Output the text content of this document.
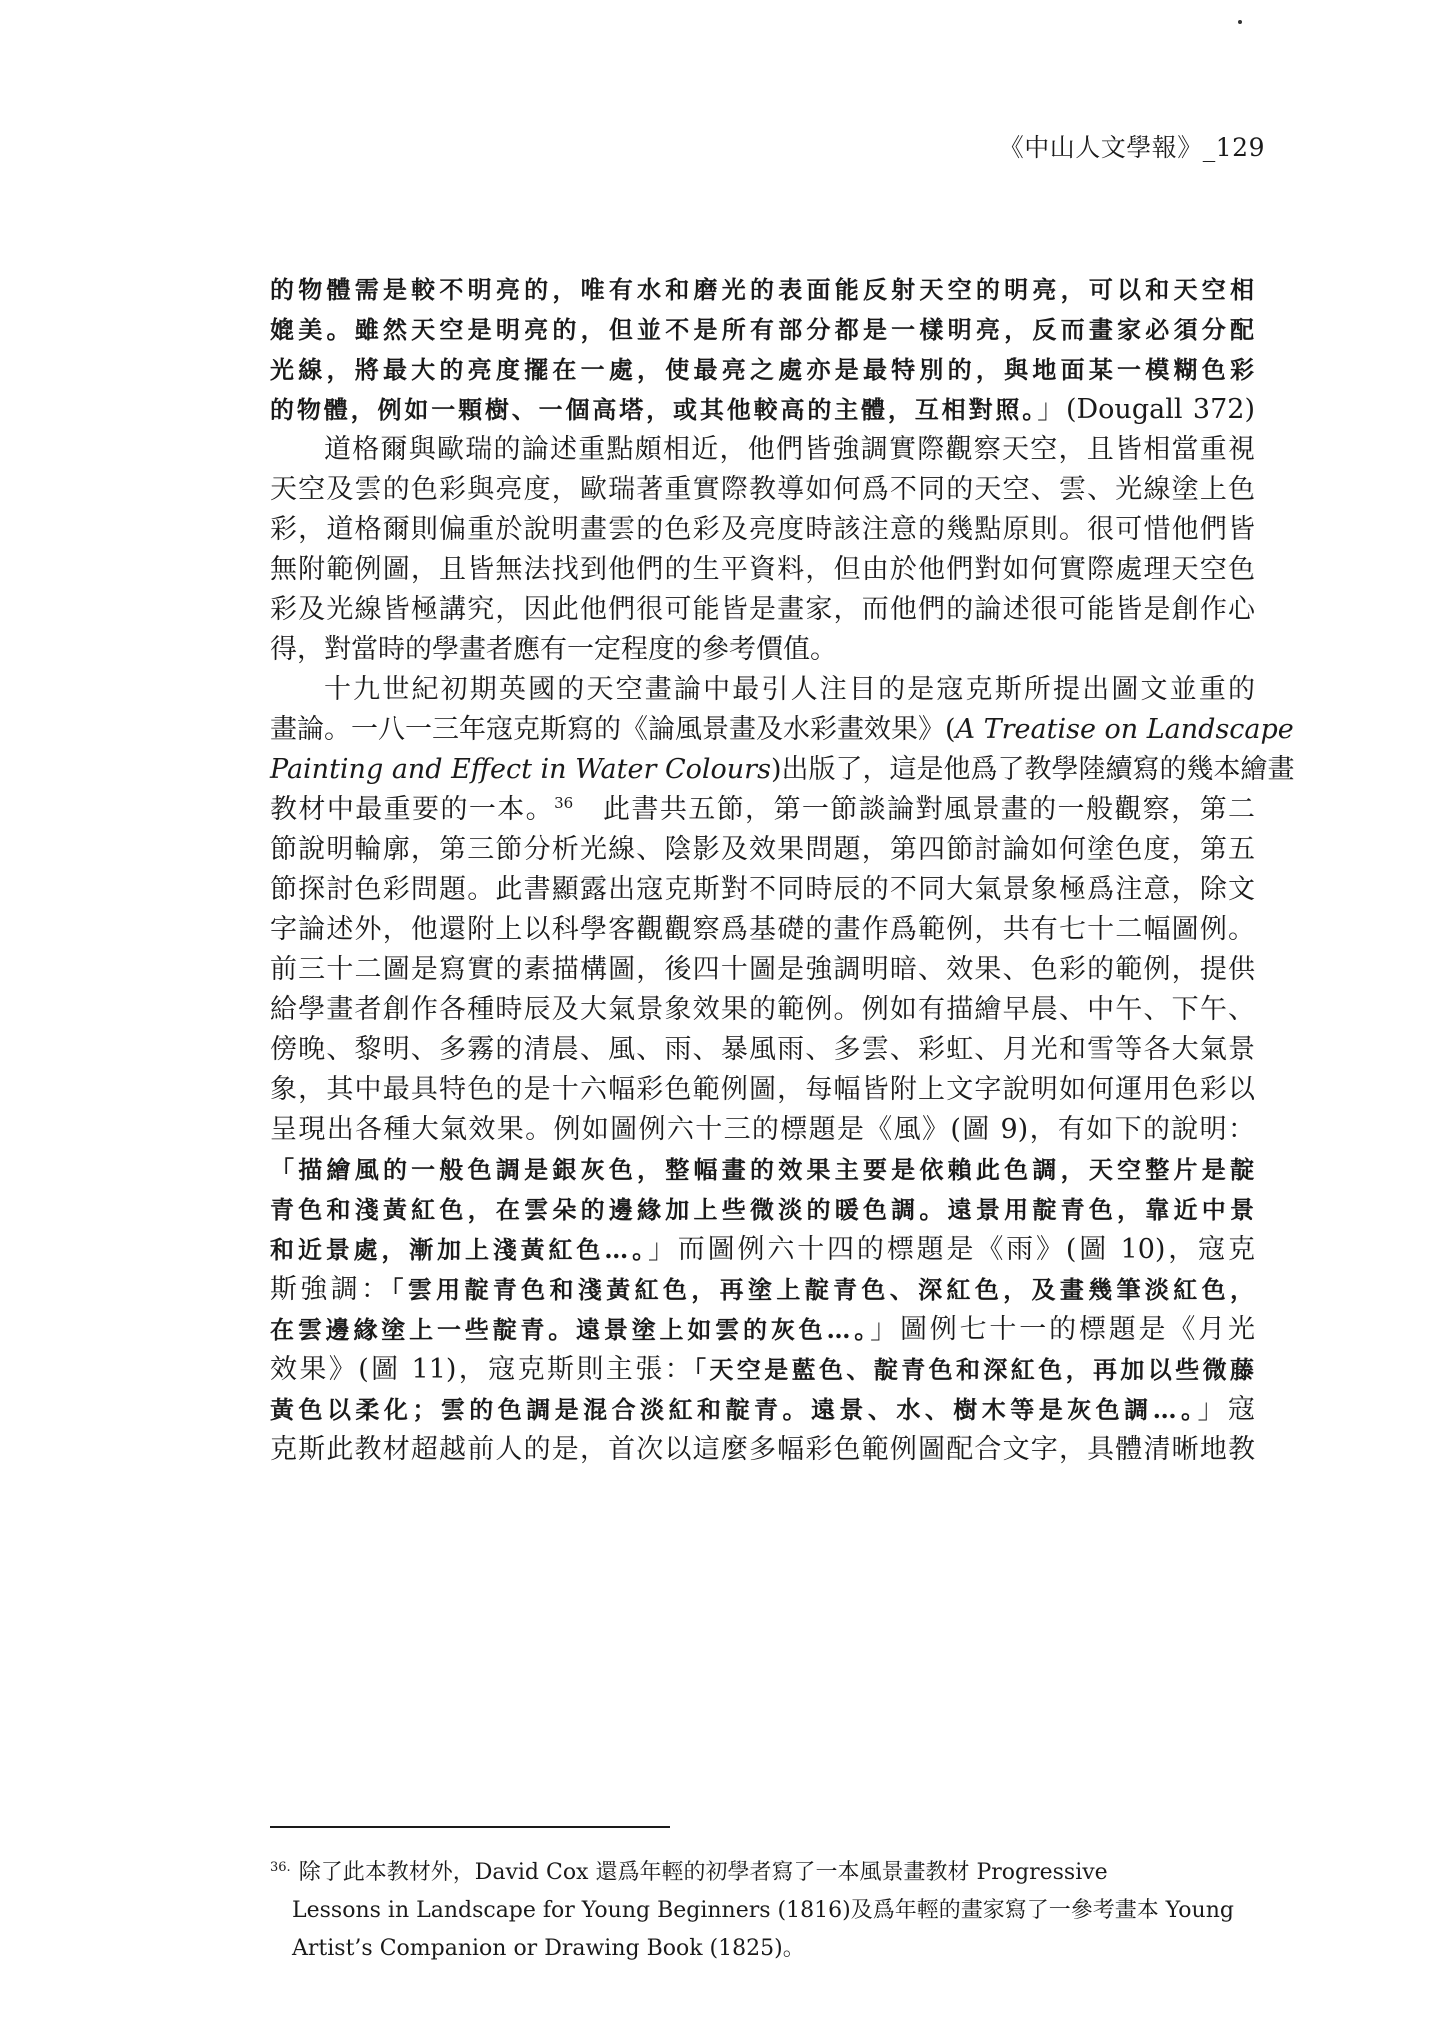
《中山人文學報》_129
的物體需是較不明亮的，唯有水和磨光的表面能反射天空的明亮，可以和天空相
媲美。雖然天空是明亮的，但並不是所有部分都是一樣明亮，反而畫家必須分配
光線，將最大的亮度擺在一處，使最亮之處亦是最特別的，與地面某一模糊色彩
的物體，例如一顆樹、一個高塔，或其他較高的主體，互相對照。」(Dougall 372)
道格爾與歐瑞的論述重點頗相近，他們皆強調實際觀察天空，且皆相當重視
天空及雲的色彩與亮度，歐瑞著重實際教導如何爲不同的天空、雲、光線塗上色
彩，道格爾則偏重於說明畫雲的色彩及亮度時該注意的幾點原則。很可惜他們皆
無附範例圖，且皆無法找到他們的生平資料，但由於他們對如何實際處理天空色
彩及光線皆極講究，因此他們很可能皆是畫家，而他們的論述很可能皆是創作心
得，對當時的學畫者應有一定程度的參考價值。
十九世紀初期英國的天空畫論中最引人注目的是寇克斯所提出圖文並重的
畫論。一八一三年寇克斯寫的《論風景畫及水彩畫效果》(A Treatise on Landscape
Painting and Effect in Water Colours)出版了，這是他爲了教學陸續寫的幾本繪畫
教材中最重要的一本。$^{36}$　此書共五節，第一節談論對風景畫的一般觀察，第二
節說明輪廓，第三節分析光線、陰影及效果問題，第四節討論如何塗色度，第五
節探討色彩問題。此書顯露出寇克斯對不同時辰的不同大氣景象極爲注意，除文
字論述外，他還附上以科學客觀觀察爲基礎的畫作爲範例，共有七十二幅圖例。
前三十二圖是寫實的素描構圖，後四十圖是強調明暗、效果、色彩的範例，提供
給學畫者創作各種時辰及大氣景象效果的範例。例如有描繪早晨、中午、下午、
傍晚、黎明、多霧的清晨、風、雨、暴風雨、多雲、彩虹、月光和雪等各大氣景
象，其中最具特色的是十六幅彩色範例圖，每幅皆附上文字說明如何運用色彩以
呈現出各種大氣效果。例如圖例六十三的標題是《風》(圖 9)，有如下的說明：
「描繪風的一般色調是銀灰色，整幅畫的效果主要是依賴此色調，天空整片是靛
青色和淺黃紅色，在雲朵的邊緣加上些微淡的暖色調。遠景用靛青色，靠近中景
和近景處，漸加上淺黃紅色…。」而圖例六十四的標題是《雨》(圖 10)，寇克
斯強調：「雲用靛青色和淺黃紅色，再塗上靛青色、深紅色，及畫幾筆淡紅色，
在雲邊緣塗上一些靛青。遠景塗上如雲的灰色…。」圖例七十一的標題是《月光
效果》(圖 11)，寇克斯則主張：「天空是藍色、靛青色和深紅色，再加以些微藤
黃色以柔化；雲的色調是混合淡紅和靛青。遠景、水、樹木等是灰色調…。」寇
克斯此教材超越前人的是，首次以這麼多幅彩色範例圖配合文字，具體清晰地教
$^{36.}$ 除了此本教材外，David Cox 還爲年輕的初學者寫了一本風景畫教材 Progressive
Lessons in Landscape for Young Beginners (1816)及爲年輕的畫家寫了一參考畫本 Young
Artist’s Companion or Drawing Book (1825)。
